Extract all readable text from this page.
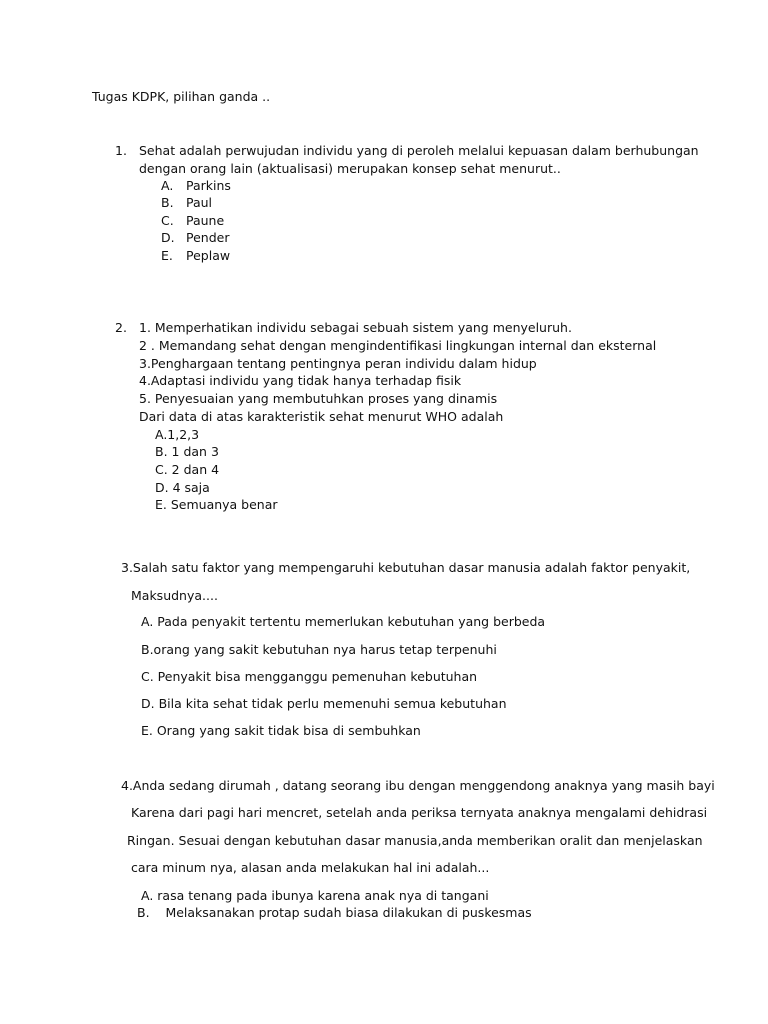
Tugas KDPK, pilihan ganda ..
1. Sehat adalah perwujudan individu yang di peroleh melalui kepuasan dalam berhubungan
dengan orang lain (aktualisasi) merupakan konsep sehat menurut..
A. Parkins
B. Paul
C. Paune
D. Pender
E. Peplaw
2. 1. Memperhatikan individu sebagai sebuah sistem yang menyeluruh.
2 . Memandang sehat dengan mengindentifikasi lingkungan internal dan eksternal
3.Penghargaan tentang pentingnya peran individu dalam hidup
4.Adaptasi individu yang tidak hanya terhadap fisik
5. Penyesuaian yang membutuhkan proses yang dinamis
Dari data di atas karakteristik sehat menurut WHO adalah
A.1,2,3
B. 1 dan 3
C. 2 dan 4
D. 4 saja
E. Semuanya benar
3.Salah satu faktor yang mempengaruhi kebutuhan dasar manusia adalah faktor penyakit,
Maksudnya....
A. Pada penyakit tertentu memerlukan kebutuhan yang berbeda
B.orang yang sakit kebutuhan nya harus tetap terpenuhi
C. Penyakit bisa mengganggu pemenuhan kebutuhan
D. Bila kita sehat tidak perlu memenuhi semua kebutuhan
E. Orang yang sakit tidak bisa di sembuhkan
4.Anda sedang dirumah , datang seorang ibu dengan menggendong anaknya yang masih bayi
Karena dari pagi hari mencret, setelah anda periksa ternyata anaknya mengalami dehidrasi
Ringan. Sesuai dengan kebutuhan dasar manusia,anda memberikan oralit dan menjelaskan
cara minum nya, alasan anda melakukan hal ini adalah...
A. rasa tenang pada ibunya karena anak nya di tangani
B.    Melaksanakan protap sudah biasa dilakukan di puskesmas
